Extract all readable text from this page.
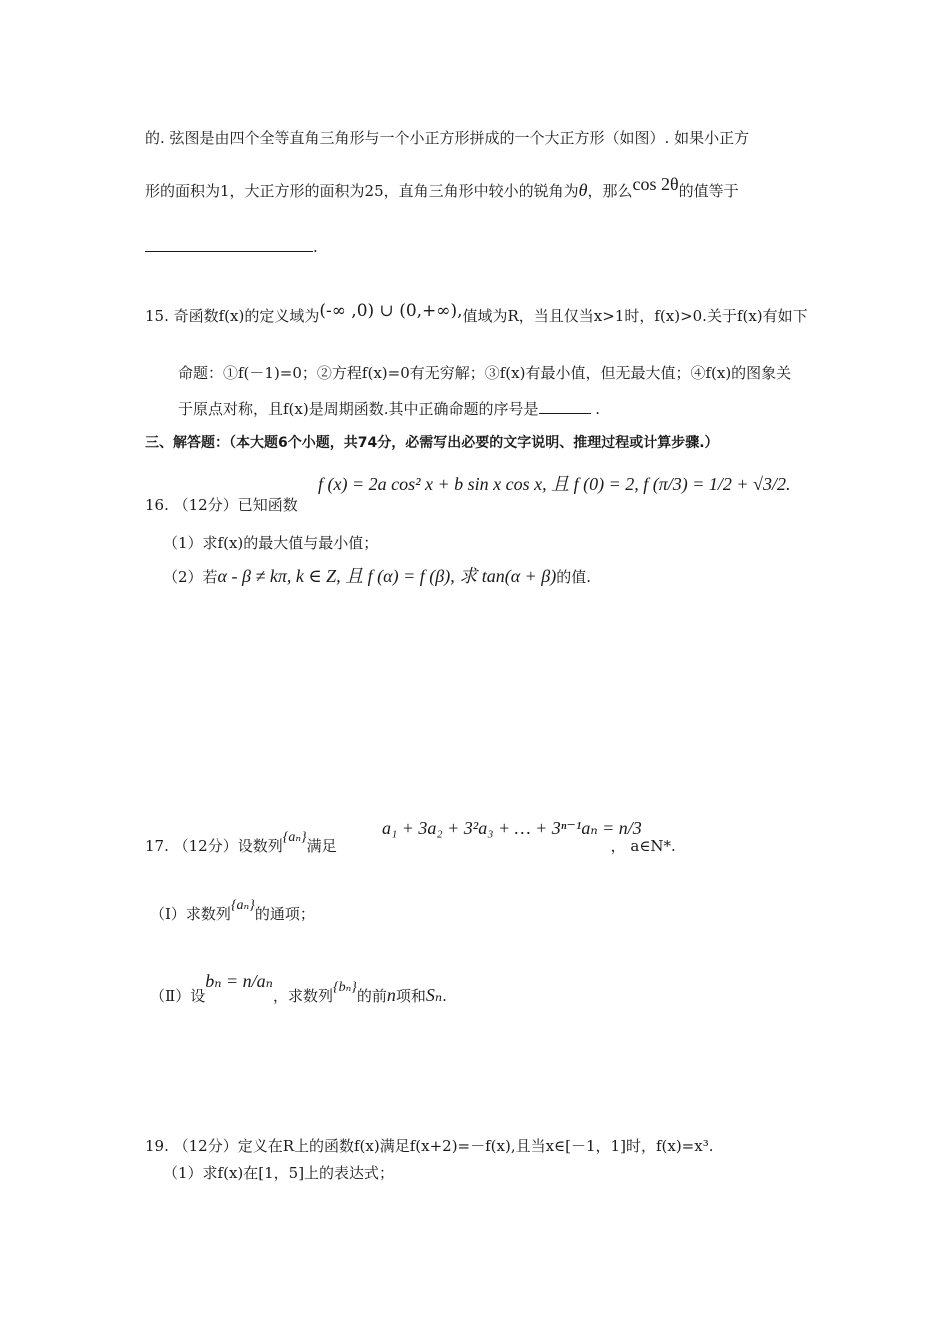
的. 弦图是由四个全等直角三角形与一个小正方形拼成的一个大正方形（如图）. 如果小正方
形的面积为1，大正方形的面积为25，直角三角形中较小的锐角为θ，那么cos 2θ的值等于
.
15. 奇函数f(x)的定义域为(-∞ ,0) ∪ (0,+∞),值域为R，当且仅当x>1时，f(x)>0.关于f(x)有如下
命题：①f(－1)=0；②方程f(x)=0有无穷解；③f(x)有最小值，但无最大值；④f(x)的图象关
于原点对称，且f(x)是周期函数.其中正确命题的序号是	.
三、解答题：（本大题6个小题，共74分，必需写出必要的文字说明、推理过程或计算步骤.）
f (x) = 2a cos² x + b sin x cos x, 且 f (0) = 2, f (π/3) = 1/2 + √3/2.
16. （12分）已知函数
（1）求f(x)的最大值与最小值；
（2）若α - β ≠ kπ, k ∈ Z, 且 f (α) = f (β), 求 tan(α + β)的值.
a₁ + 3a₂ + 3²a₃ + … + 3ⁿ⁻¹aₙ = n/3
17. （12分）设数列{aₙ}满足	， a∈N*.
（Ⅰ）求数列{aₙ}的通项；
（Ⅱ）设bₙ = n/aₙ，求数列{bₙ}的前n项和Sₙ.
19. （12分）定义在R上的函数f(x)满足f(x+2)=－f(x),且当x∈[－1，1]时，f(x)=x³.
（1）求f(x)在[1，5]上的表达式；
